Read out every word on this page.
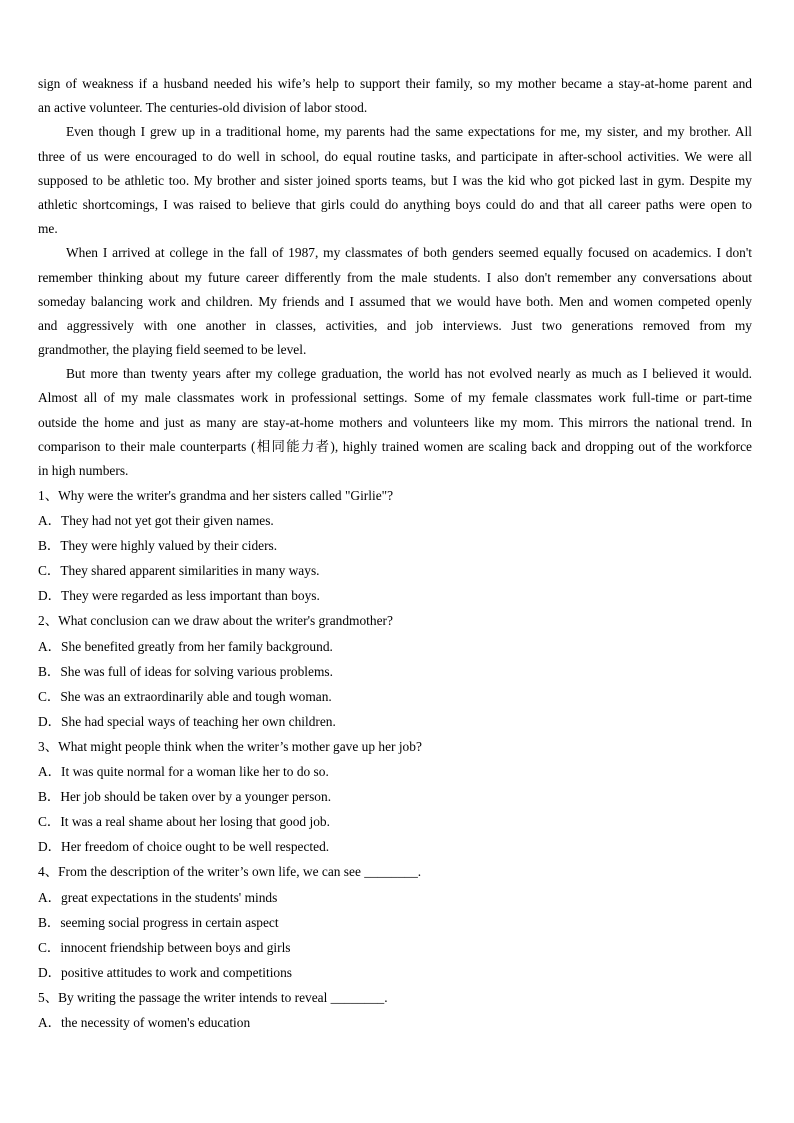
sign of weakness if a husband needed his wife’s help to support their family, so my mother became a stay-at-home parent and
an active volunteer. The centuries-old division of labor stood.
Even though I grew up in a traditional home, my parents had the same expectations for me, my sister, and my brother. All
three of us were encouraged to do well in school, do equal routine tasks, and participate in after-school activities. We were all
supposed to be athletic too. My brother and sister joined sports teams, but I was the kid who got picked last in gym. Despite my
athletic shortcomings, I was raised to believe that girls could do anything boys could do and that all career paths were open to
me.
When I arrived at college in the fall of 1987, my classmates of both genders seemed equally focused on academics. I don't
remember thinking about my future career differently from the male students. I also don't remember any conversations about
someday balancing work and children. My friends and I assumed that we would have both. Men and women competed openly
and aggressively with one another in classes, activities, and job interviews. Just two generations removed from my
grandmother, the playing field seemed to be level.
But more than twenty years after my college graduation, the world has not evolved nearly as much as I believed it would.
Almost all of my male classmates work in professional settings. Some of my female classmates work full-time or part-time
outside the home and just as many are stay-at-home mothers and volunteers like my mom. This mirrors the national trend. In
comparison to their male counterparts (相同能力者), highly trained women are scaling back and dropping out of the workforce
in high numbers.
1、Why were the writer's grandma and her sisters called "Girlie"?
A．They had not yet got their given names.
B．They were highly valued by their ciders.
C．They shared apparent similarities in many ways.
D．They were regarded as less important than boys.
2、What conclusion can we draw about the writer's grandmother?
A．She benefited greatly from her family background.
B．She was full of ideas for solving various problems.
C．She was an extraordinarily able and tough woman.
D．She had special ways of teaching her own children.
3、What might people think when the writer’s mother gave up her job?
A．It was quite normal for a woman like her to do so.
B．Her job should be taken over by a younger person.
C．It was a real shame about her losing that good job.
D．Her freedom of choice ought to be well respected.
4、From the description of the writer’s own life, we can see ________.
A．great expectations in the students' minds
B．seeming social progress in certain aspect
C．innocent friendship between boys and girls
D．positive attitudes to work and competitions
5、By writing the passage the writer intends to reveal ________.
A．the necessity of women's education
